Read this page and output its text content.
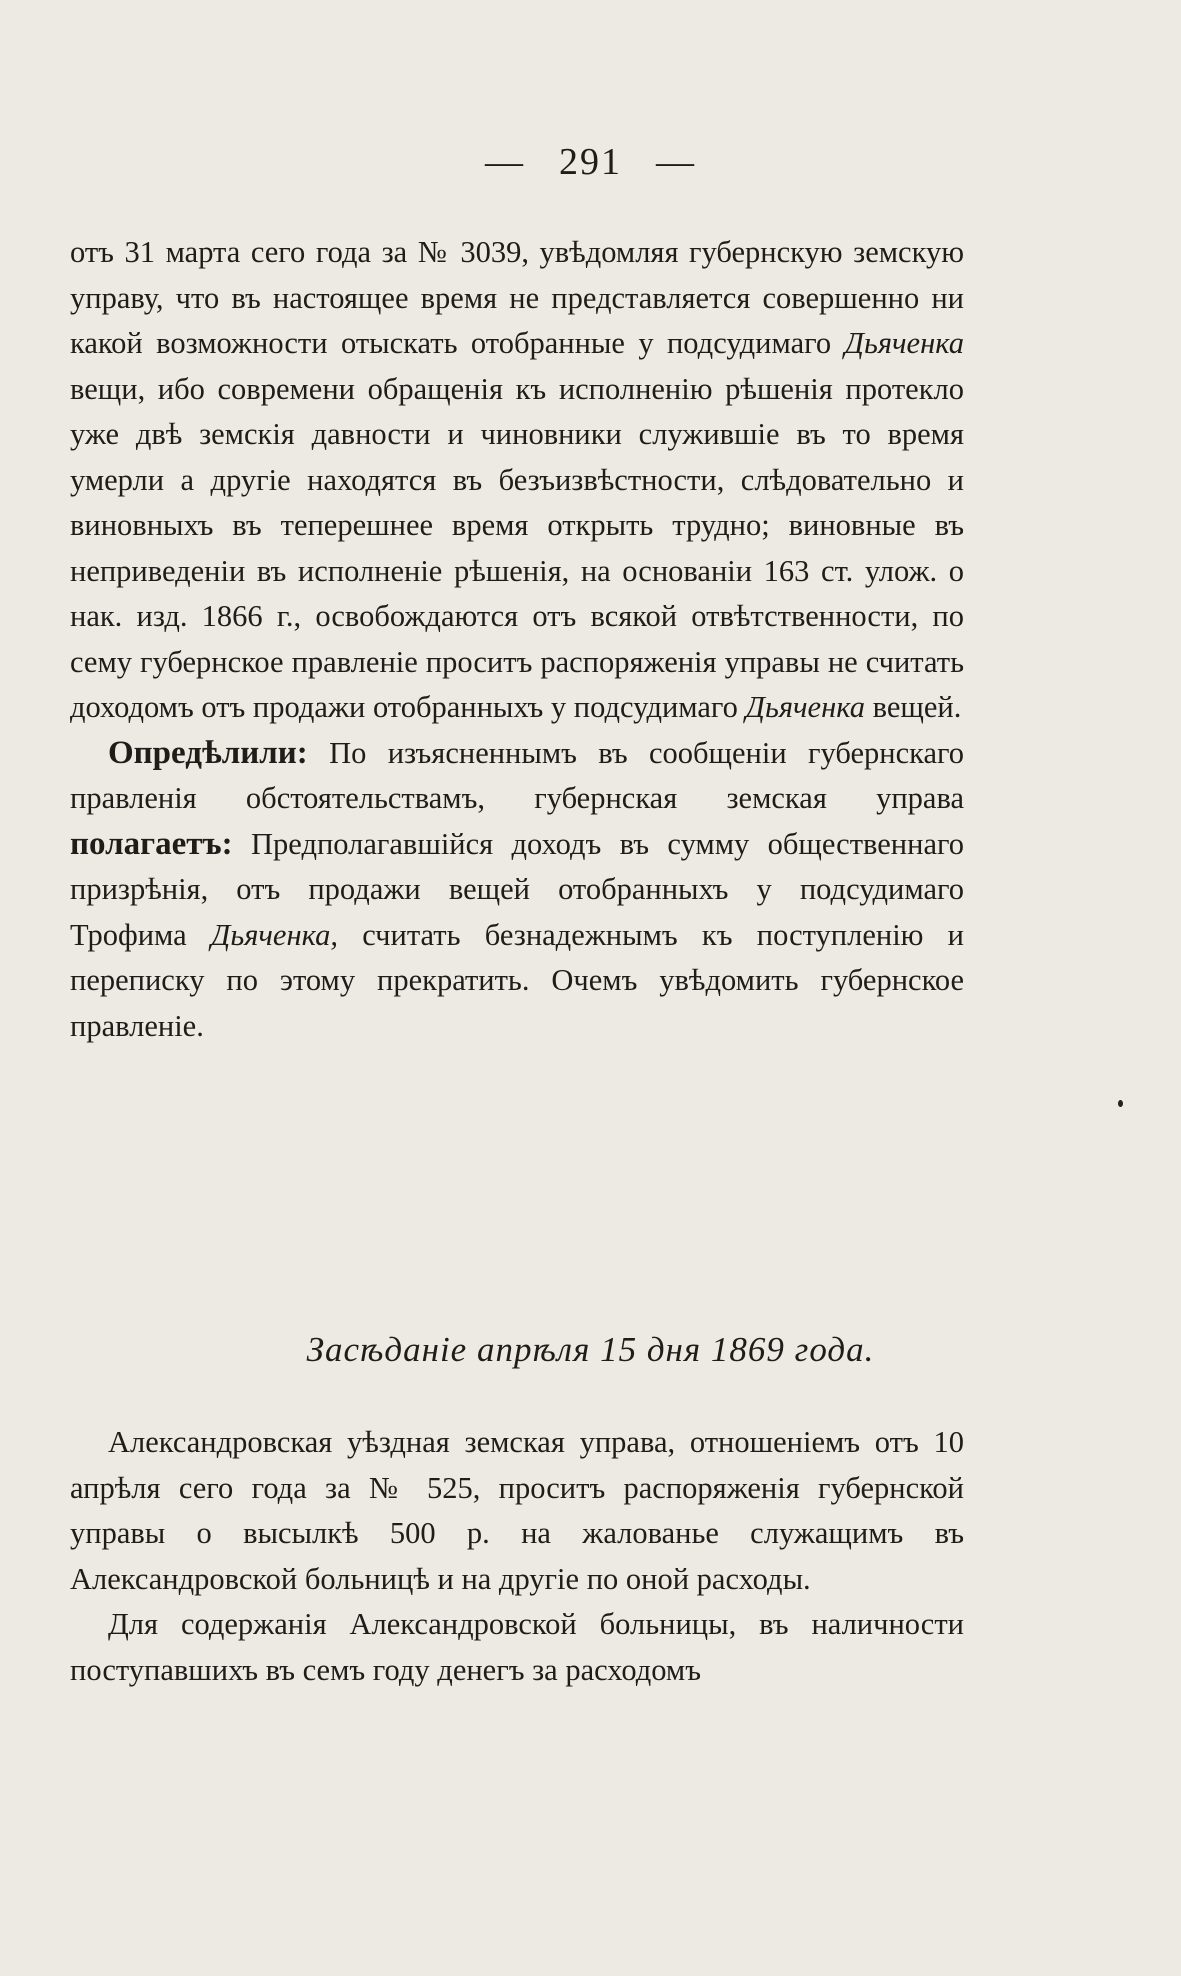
— 291 —

отъ 31 марта сего года за № 3039, увѣдомляя губернскую земскую управу, что въ настоящее время не представляется совершенно ни какой возможности отыскать отобранные у подсудимаго Дьяченка вещи, ибо современи обращенія къ исполненію рѣшенія протекло уже двѣ земскія давности и чиновники служившіе въ то время умерли а другіе находятся въ безъизвѣстности, слѣдовательно и виновныхъ въ теперешнее время открыть трудно; виновные въ неприведеніи въ исполненіе рѣшенія, на основаніи 163 ст. улож. о нак. изд. 1866 г., освобождаются отъ всякой отвѣтственности, по сему губернское правленіе проситъ распоряженія управы не считать доходомъ отъ продажи отобранныхъ у подсудимаго Дьяченка вещей.

Опредѣлили: По изъясненнымъ въ сообщеніи губернскаго правленія обстоятельствамъ, губернская земская управа полагаетъ: Предполагавшійся доходъ въ сумму общественнаго призрѣнія, отъ продажи вещей отобранныхъ у подсудимаго Трофима Дьяченка, считать безнадежнымъ къ поступленію и переписку по этому прекратить. Очемъ увѣдомить губернское правленіе.

Засѣданіе апрѣля 15 дня 1869 года.

Александровская уѣздная земская управа, отношеніемъ отъ 10 апрѣля сего года за № 525, проситъ распоряженія губернской управы о высылкѣ 500 р. на жалованье служащимъ въ Александровской больницѣ и на другіе по оной расходы.

Для содержанія Александровской больницы, въ наличности поступавшихъ въ семъ году денегъ за расходомъ
